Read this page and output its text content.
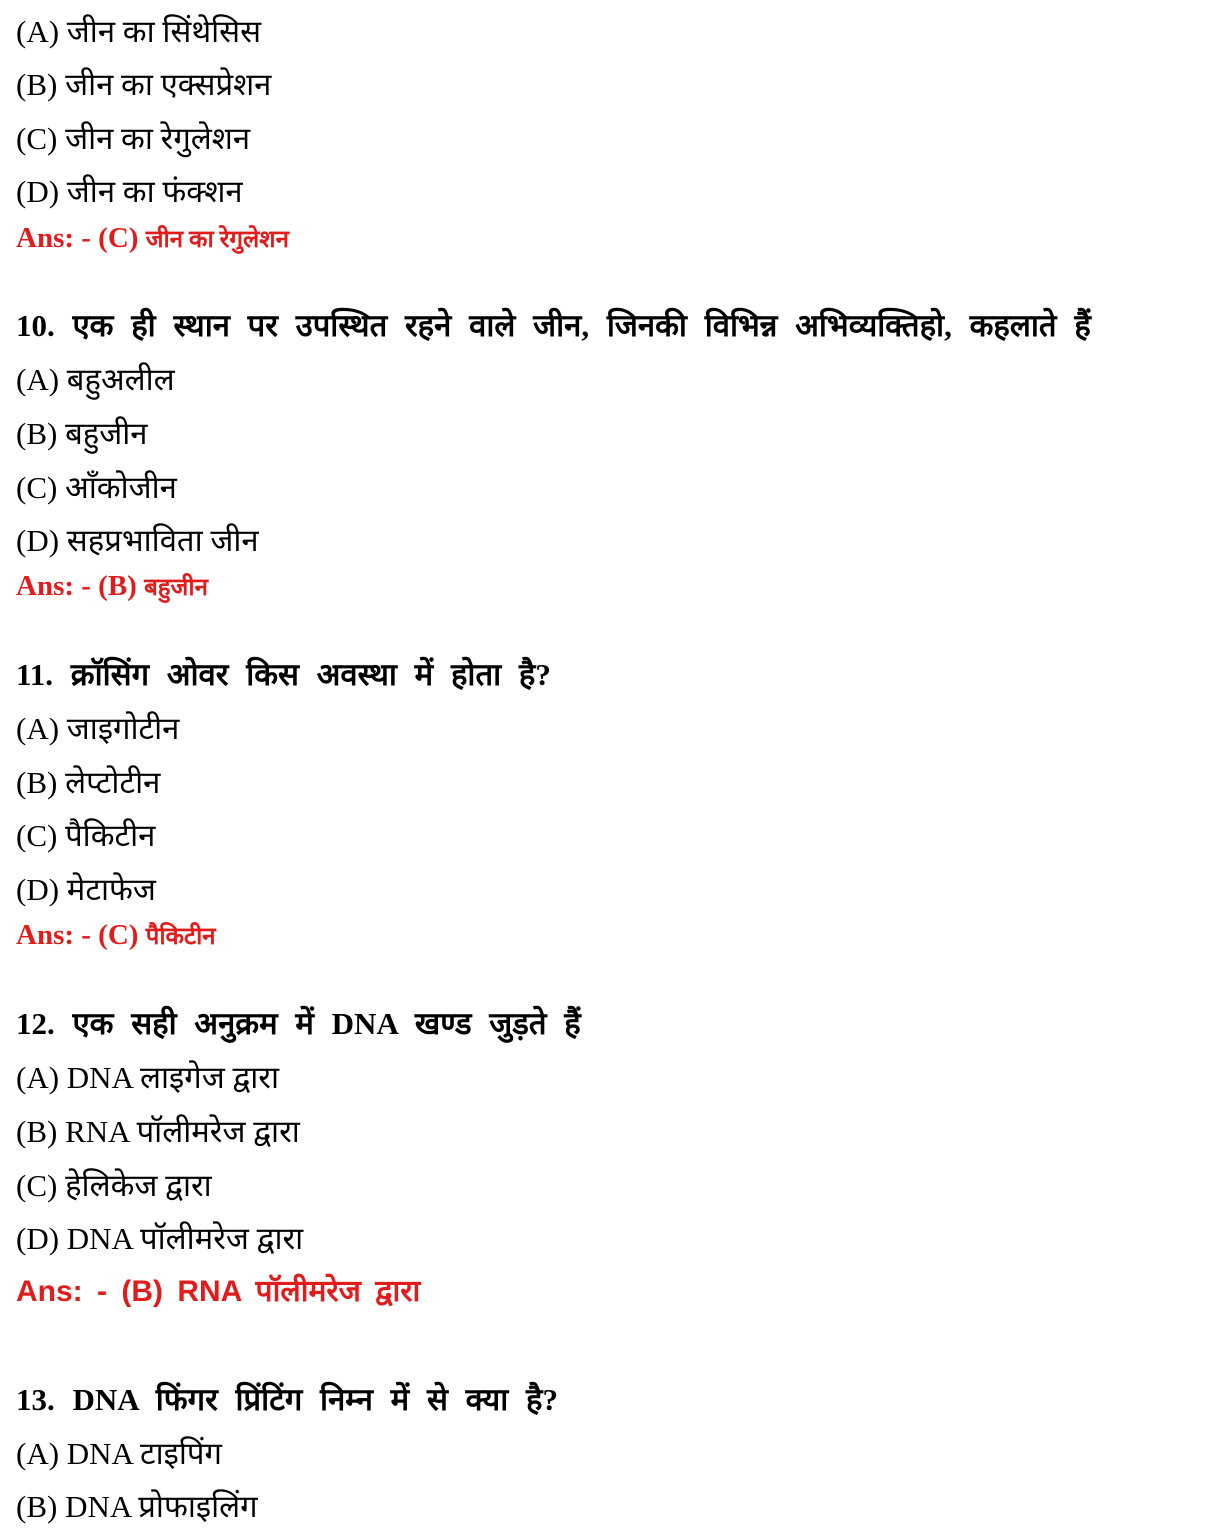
(A) जीन का सिंथेसिस
(B) जीन का एक्सप्रेशन
(C) जीन का रेगुलेशन
(D) जीन का फंक्शन
Ans: - (C) जीन का रेगुलेशन
10. एक ही स्थान पर उपस्थित रहने वाले जीन, जिनकी विभिन्न अभिव्यक्तिहो, कहलाते हैं
(A) बहुअलील
(B) बहुजीन
(C) ऑंकोजीन
(D) सहप्रभाविता जीन
Ans: - (B) बहुजीन
11. क्रॉसिंग ओवर किस अवस्था में होता है?
(A) जाइगोटीन
(B) लेप्टोटीन
(C) पैकिटीन
(D) मेटाफेज
Ans: - (C) पैकिटीन
12. एक सही अनुक्रम में DNA खण्ड जुड़ते हैं
(A) DNA लाइगेज द्वारा
(B) RNA पॉलीमरेज द्वारा
(C) हेलिकेज द्वारा
(D) DNA पॉलीमरेज द्वारा
Ans: - (B) RNA पॉलीमरेज द्वारा
13. DNA फिंगर प्रिंटिंग निम्न में से क्या है?
(A) DNA टाइपिंग
(B) DNA प्रोफाइलिंग
